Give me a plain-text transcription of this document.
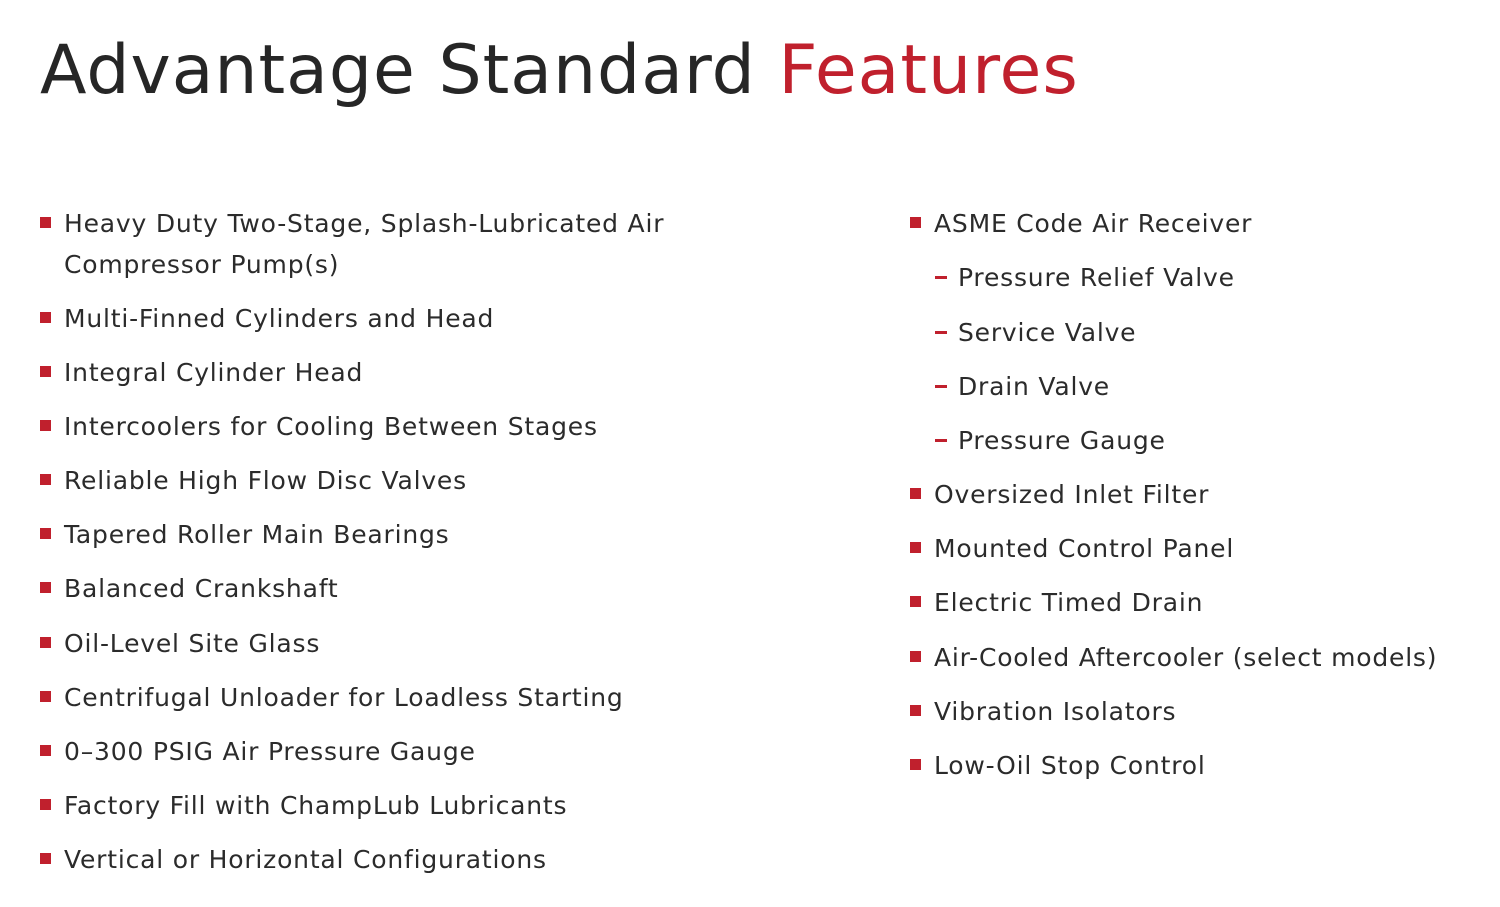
Advantage Standard Features
Heavy Duty Two-Stage, Splash-Lubricated Air
Compressor Pump(s)
Multi-Finned Cylinders and Head
Integral Cylinder Head
Intercoolers for Cooling Between Stages
Reliable High Flow Disc Valves
Tapered Roller Main Bearings
Balanced Crankshaft
Oil-Level Site Glass
Centrifugal Unloader for Loadless Starting
0–300 PSIG Air Pressure Gauge
Factory Fill with ChampLub Lubricants
Vertical or Horizontal Configurations
ASME Code Air Receiver
Pressure Relief Valve
Service Valve
Drain Valve
Pressure Gauge
Oversized Inlet Filter
Mounted Control Panel
Electric Timed Drain
Air-Cooled Aftercooler (select models)
Vibration Isolators
Low-Oil Stop Control
